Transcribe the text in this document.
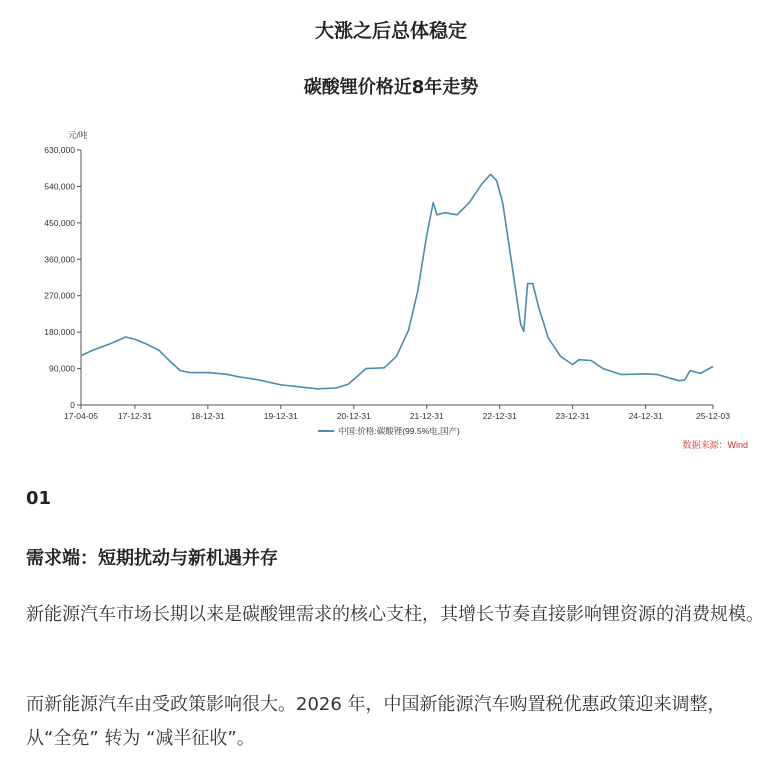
大涨之后总体稳定
碳酸锂价格近8年走势
0
90,000
180,000
270,000
360,000
450,000
540,000
630,000
元/吨
17-04-05 17-12-31	18-12-31	19-12-31	20-12-31	21-12-31	22-12-31	23-12-31	24-12-31	25-12-03
中国:价格:碳酸锂(99.5%电,国产)
数据来源：Wind
01
需求端：短期扰动与新机遇并存

新能源汽车市场长期以来是碳酸锂需求的核心支柱，其增长节奏直接影响锂资源的消费规模。

而新能源汽车由受政策影响很大。2026 年，中国新能源汽车购置税优惠政策迎来调整，从“全免” 转为 “减半征收”。
